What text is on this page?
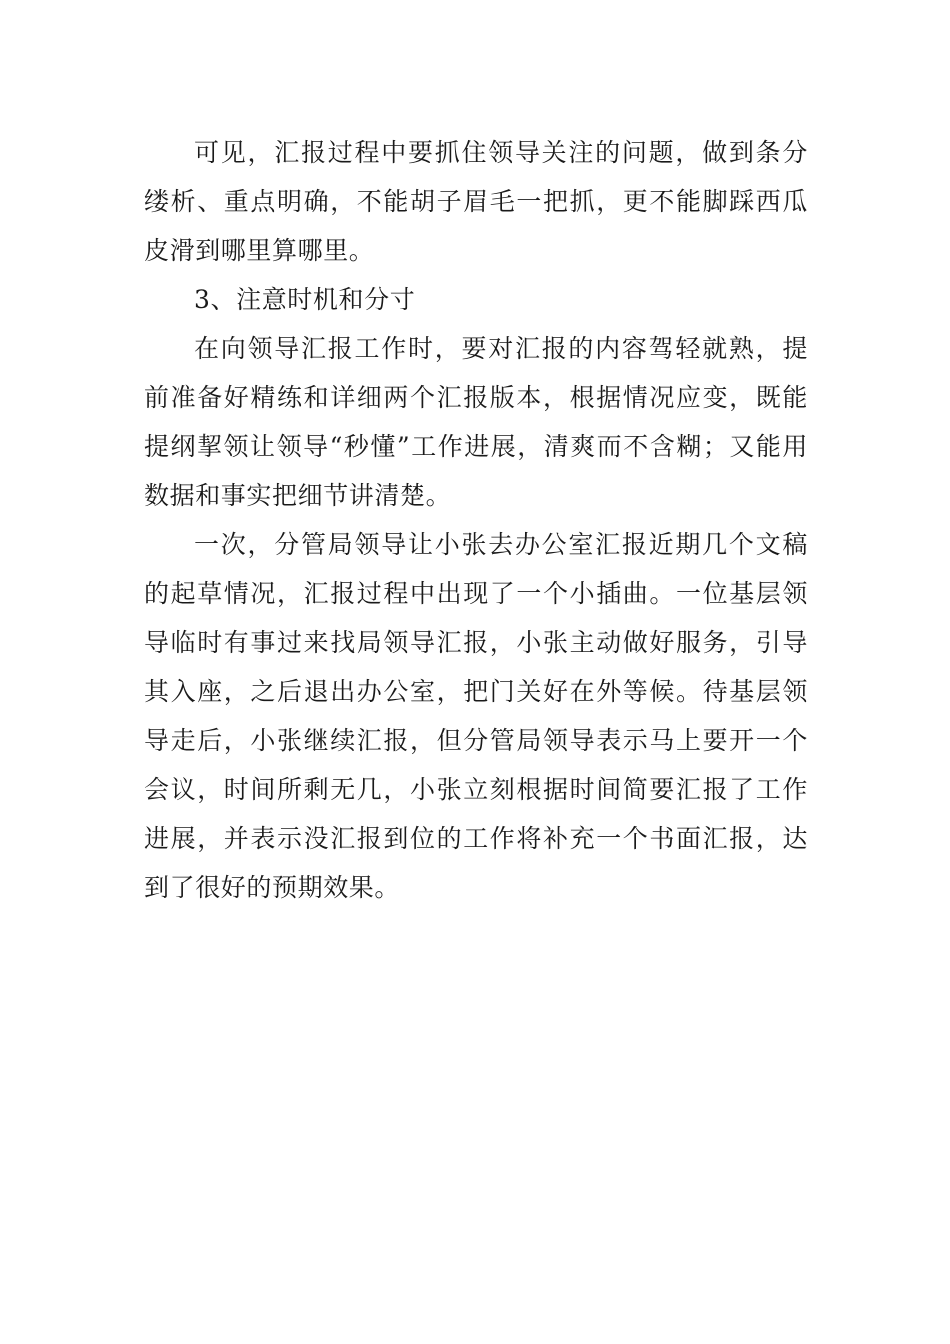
可见，汇报过程中要抓住领导关注的问题，做到条分缕析、重点明确，不能胡子眉毛一把抓，更不能脚踩西瓜皮滑到哪里算哪里。

3、注意时机和分寸

在向领导汇报工作时，要对汇报的内容驾轻就熟，提前准备好精练和详细两个汇报版本，根据情况应变，既能提纲挈领让领导“秒懂”工作进展，清爽而不含糊；又能用数据和事实把细节讲清楚。

一次，分管局领导让小张去办公室汇报近期几个文稿的起草情况，汇报过程中出现了一个小插曲。一位基层领导临时有事过来找局领导汇报，小张主动做好服务，引导其入座，之后退出办公室，把门关好在外等候。待基层领导走后，小张继续汇报，但分管局领导表示马上要开一个会议，时间所剩无几，小张立刻根据时间简要汇报了工作进展，并表示没汇报到位的工作将补充一个书面汇报，达到了很好的预期效果。
